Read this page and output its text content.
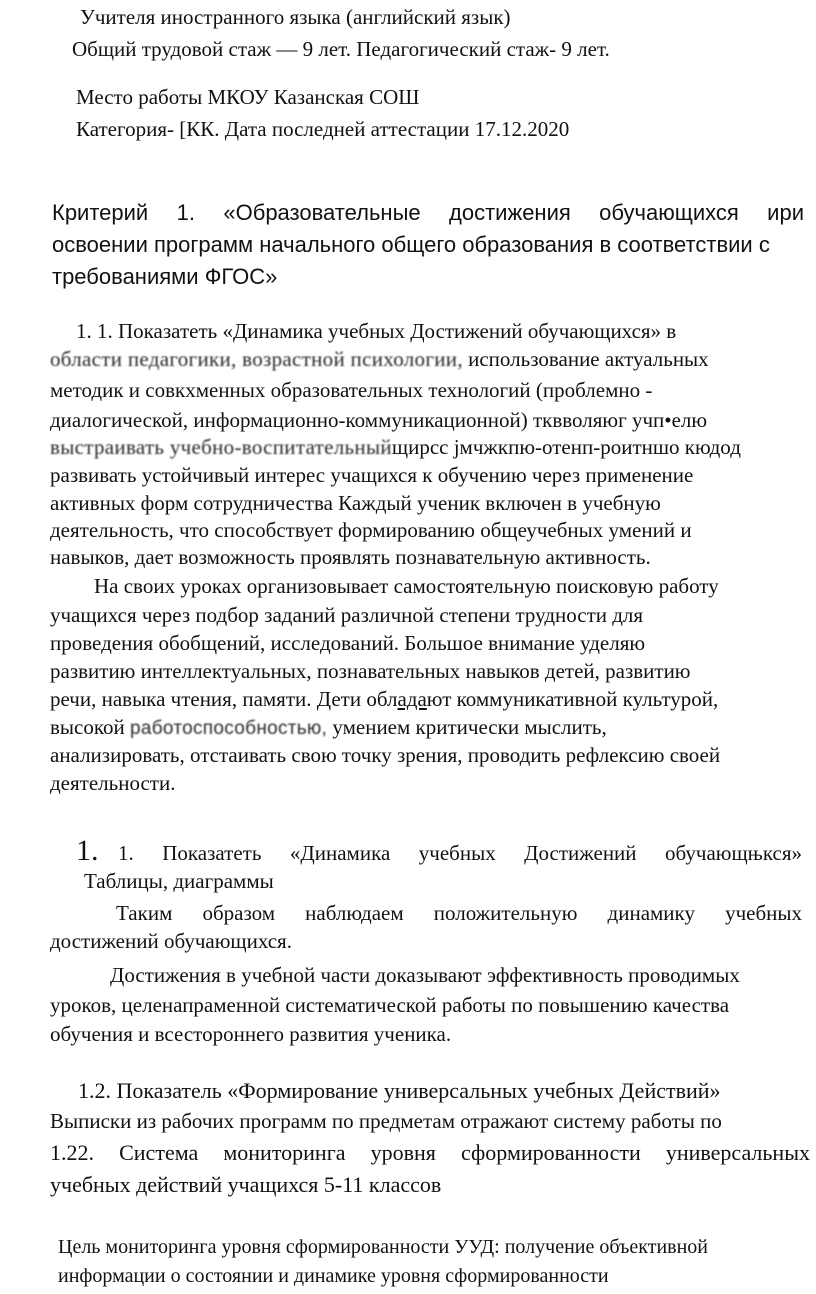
Учителя иностранного языка (английский язык)
Общий трудовой стаж — 9 лет. Педагогический стаж- 9 лет.
Место работы МКОУ Казанская СОШ
Категория- [КК. Дата последней аттестации 17.12.2020
Критерий 1. «Образовательные достижения обучающихся ири
освоении программ начального общего образования в соответствии с
требованиями ФГОС»
1. 1. Показатеть «Динамика учебных Достижений обучающихся» в
области педагогики, возрастной психологии, использование актуальных
методик и совкхменных образовательных технологий (проблемно -
диалогической, информационно-коммуникационной) тквволяюг учп•елю
выстраивать учебно-воспитательныйщирсс jмчжкпю-отенп-роитншо кюдод
развивать устойчивый интерес учащихся к обучению через применение
активных форм сотрудничества Каждый ученик включен в учебную
деятельность, что способствует формированию общеучебных умений и
навыков, дает возможность проявлять познавательную активность.
На своих уроках организовывает самостоятельную поисковую работу
учащихся через подбор заданий различной степени трудности для
проведения обобщений, исследований. Большое внимание уделяю
развитию интеллектуальных, познавательных навыков детей, развитию
речи, навыка чтения, памяти. Дети обладают коммуникативной культурой,
высокой работоспособностью, умением критически мыслить,
анализировать, отстаивать свою точку зрения, проводить рефлексию своей
деятельности.
1. 1. Показатеть «Динамика учебных Достижений обучающњкся»
Таблицы, диаграммы
Таким образом наблюдаем положительную динамику учебных
достижений обучающихся.
Достижения в учебной части доказывают эффективность проводимых
уроков, целенапраменной систематической работы по повышению качества
обучения и всестороннего развития ученика.
1.2. Показатель «Формирование универсальных учебных Действий»
Выписки из рабочих программ по предметам отражают систему работы по
1.22. Система мониторинга уровня сформированности универсальных
учебных действий учащихся 5-11 классов
Цель мониторинга уровня сформированности УУД: получение объективной
информации о состоянии и динамике уровня сформированности
